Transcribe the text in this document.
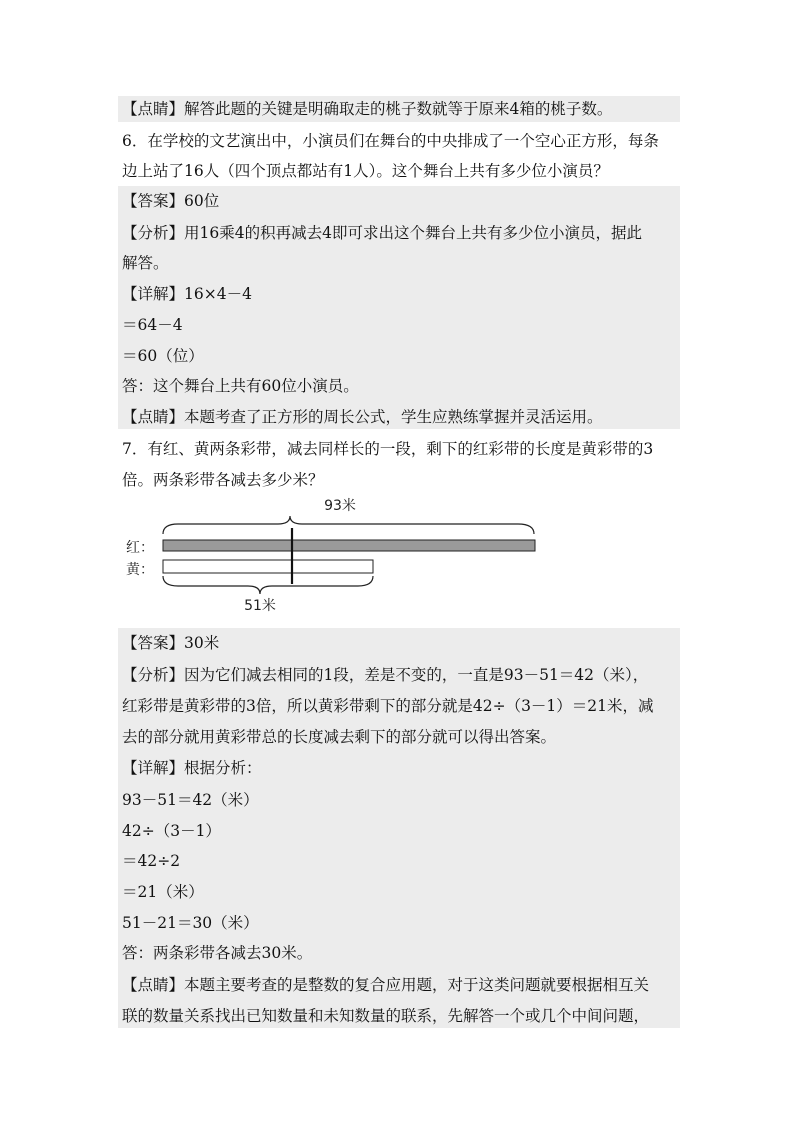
【点睛】解答此题的关键是明确取走的桃子数就等于原来4箱的桃子数。
6．在学校的文艺演出中，小演员们在舞台的中央排成了一个空心正方形，每条
边上站了16人（四个顶点都站有1人）。这个舞台上共有多少位小演员？
【答案】60位
【分析】用16乘4的积再减去4即可求出这个舞台上共有多少位小演员，据此
解答。
【详解】16×4－4
＝64－4
＝60（位）
答：这个舞台上共有60位小演员。
【点睛】本题考查了正方形的周长公式，学生应熟练掌握并灵活运用。
7．有红、黄两条彩带，减去同样长的一段，剩下的红彩带的长度是黄彩带的3
倍。两条彩带各减去多少米？
93米
红：
黄：
51米
【答案】30米
【分析】因为它们减去相同的1段，差是不变的，一直是93－51＝42（米），
红彩带是黄彩带的3倍，所以黄彩带剩下的部分就是42÷（3－1）＝21米，减
去的部分就用黄彩带总的长度减去剩下的部分就可以得出答案。
【详解】根据分析：
93－51＝42（米）
42÷（3－1）
＝42÷2
＝21（米）
51－21＝30（米）
答：两条彩带各减去30米。
【点睛】本题主要考查的是整数的复合应用题，对于这类问题就要根据相互关
联的数量关系找出已知数量和未知数量的联系，先解答一个或几个中间问题，
